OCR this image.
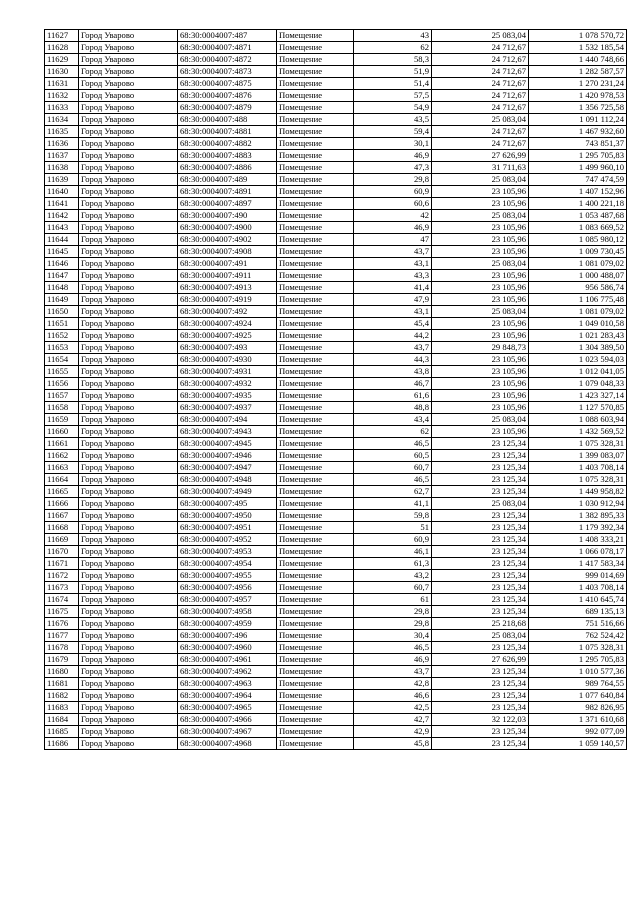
11627	Город Уварово	68:30:0004007:487	Помещение	43	25 083,04	1 078 570,72
11628	Город Уварово	68:30:0004007:4871	Помещение	62	24 712,67	1 532 185,54
11629	Город Уварово	68:30:0004007:4872	Помещение	58,3	24 712,67	1 440 748,66
11630	Город Уварово	68:30:0004007:4873	Помещение	51,9	24 712,67	1 282 587,57
11631	Город Уварово	68:30:0004007:4875	Помещение	51,4	24 712,67	1 270 231,24
11632	Город Уварово	68:30:0004007:4876	Помещение	57,5	24 712,67	1 420 978,53
11633	Город Уварово	68:30:0004007:4879	Помещение	54,9	24 712,67	1 356 725,58
11634	Город Уварово	68:30:0004007:488	Помещение	43,5	25 083,04	1 091 112,24
11635	Город Уварово	68:30:0004007:4881	Помещение	59,4	24 712,67	1 467 932,60
11636	Город Уварово	68:30:0004007:4882	Помещение	30,1	24 712,67	743 851,37
11637	Город Уварово	68:30:0004007:4883	Помещение	46,9	27 626,99	1 295 705,83
11638	Город Уварово	68:30:0004007:4886	Помещение	47,3	31 711,63	1 499 960,10
11639	Город Уварово	68:30:0004007:489	Помещение	29,8	25 083,04	747 474,59
11640	Город Уварово	68:30:0004007:4891	Помещение	60,9	23 105,96	1 407 152,96
11641	Город Уварово	68:30:0004007:4897	Помещение	60,6	23 105,96	1 400 221,18
11642	Город Уварово	68:30:0004007:490	Помещение	42	25 083,04	1 053 487,68
11643	Город Уварово	68:30:0004007:4900	Помещение	46,9	23 105,96	1 083 669,52
11644	Город Уварово	68:30:0004007:4902	Помещение	47	23 105,96	1 085 980,12
11645	Город Уварово	68:30:0004007:4908	Помещение	43,7	23 105,96	1 009 730,45
11646	Город Уварово	68:30:0004007:491	Помещение	43,1	25 083,04	1 081 079,02
11647	Город Уварово	68:30:0004007:4911	Помещение	43,3	23 105,96	1 000 488,07
11648	Город Уварово	68:30:0004007:4913	Помещение	41,4	23 105,96	956 586,74
11649	Город Уварово	68:30:0004007:4919	Помещение	47,9	23 105,96	1 106 775,48
11650	Город Уварово	68:30:0004007:492	Помещение	43,1	25 083,04	1 081 079,02
11651	Город Уварово	68:30:0004007:4924	Помещение	45,4	23 105,96	1 049 010,58
11652	Город Уварово	68:30:0004007:4925	Помещение	44,2	23 105,96	1 021 283,43
11653	Город Уварово	68:30:0004007:493	Помещение	43,7	29 848,73	1 304 389,50
11654	Город Уварово	68:30:0004007:4930	Помещение	44,3	23 105,96	1 023 594,03
11655	Город Уварово	68:30:0004007:4931	Помещение	43,8	23 105,96	1 012 041,05
11656	Город Уварово	68:30:0004007:4932	Помещение	46,7	23 105,96	1 079 048,33
11657	Город Уварово	68:30:0004007:4935	Помещение	61,6	23 105,96	1 423 327,14
11658	Город Уварово	68:30:0004007:4937	Помещение	48,8	23 105,96	1 127 570,85
11659	Город Уварово	68:30:0004007:494	Помещение	43,4	25 083,04	1 088 603,94
11660	Город Уварово	68:30:0004007:4943	Помещение	62	23 105,96	1 432 569,52
11661	Город Уварово	68:30:0004007:4945	Помещение	46,5	23 125,34	1 075 328,31
11662	Город Уварово	68:30:0004007:4946	Помещение	60,5	23 125,34	1 399 083,07
11663	Город Уварово	68:30:0004007:4947	Помещение	60,7	23 125,34	1 403 708,14
11664	Город Уварово	68:30:0004007:4948	Помещение	46,5	23 125,34	1 075 328,31
11665	Город Уварово	68:30:0004007:4949	Помещение	62,7	23 125,34	1 449 958,82
11666	Город Уварово	68:30:0004007:495	Помещение	41,1	25 083,04	1 030 912,94
11667	Город Уварово	68:30:0004007:4950	Помещение	59,8	23 125,34	1 382 895,33
11668	Город Уварово	68:30:0004007:4951	Помещение	51	23 125,34	1 179 392,34
11669	Город Уварово	68:30:0004007:4952	Помещение	60,9	23 125,34	1 408 333,21
11670	Город Уварово	68:30:0004007:4953	Помещение	46,1	23 125,34	1 066 078,17
11671	Город Уварово	68:30:0004007:4954	Помещение	61,3	23 125,34	1 417 583,34
11672	Город Уварово	68:30:0004007:4955	Помещение	43,2	23 125,34	999 014,69
11673	Город Уварово	68:30:0004007:4956	Помещение	60,7	23 125,34	1 403 708,14
11674	Город Уварово	68:30:0004007:4957	Помещение	61	23 125,34	1 410 645,74
11675	Город Уварово	68:30:0004007:4958	Помещение	29,8	23 125,34	689 135,13
11676	Город Уварово	68:30:0004007:4959	Помещение	29,8	25 218,68	751 516,66
11677	Город Уварово	68:30:0004007:496	Помещение	30,4	25 083,04	762 524,42
11678	Город Уварово	68:30:0004007:4960	Помещение	46,5	23 125,34	1 075 328,31
11679	Город Уварово	68:30:0004007:4961	Помещение	46,9	27 626,99	1 295 705,83
11680	Город Уварово	68:30:0004007:4962	Помещение	43,7	23 125,34	1 010 577,36
11681	Город Уварово	68:30:0004007:4963	Помещение	42,8	23 125,34	989 764,55
11682	Город Уварово	68:30:0004007:4964	Помещение	46,6	23 125,34	1 077 640,84
11683	Город Уварово	68:30:0004007:4965	Помещение	42,5	23 125,34	982 826,95
11684	Город Уварово	68:30:0004007:4966	Помещение	42,7	32 122,03	1 371 610,68
11685	Город Уварово	68:30:0004007:4967	Помещение	42,9	23 125,34	992 077,09
11686	Город Уварово	68:30:0004007:4968	Помещение	45,8	23 125,34	1 059 140,57
